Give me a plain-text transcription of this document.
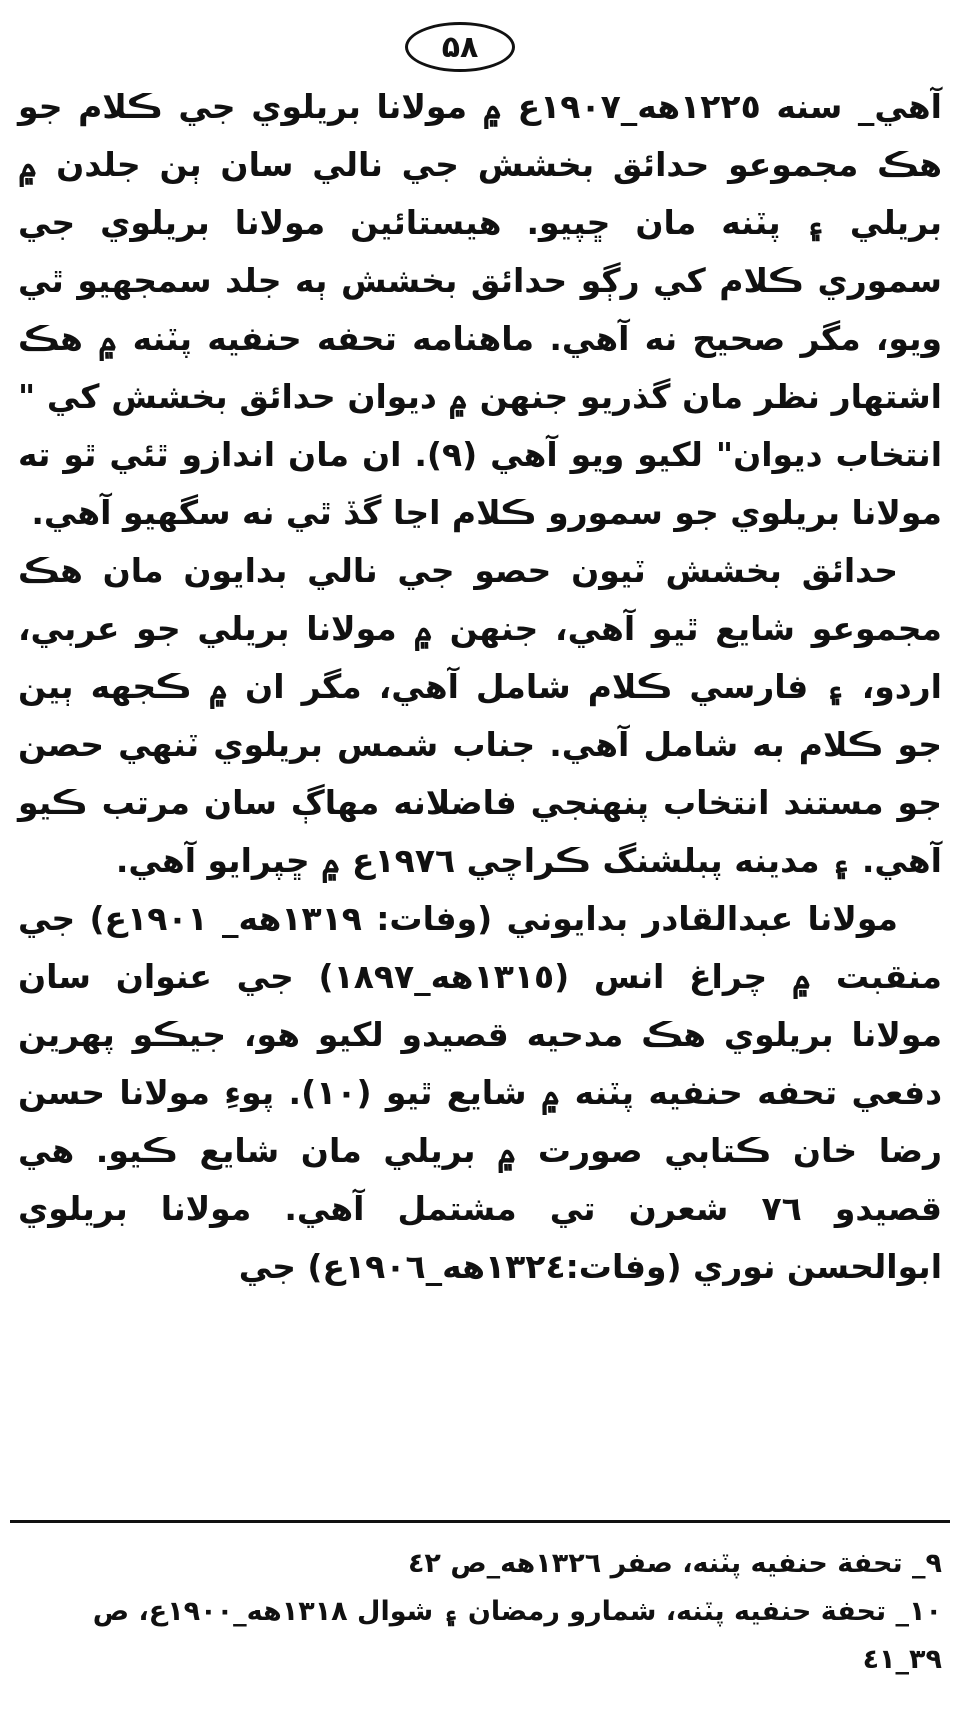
۵۸

آهي_ سنه ١٢٢٥هه_١٩٠٧ع ۾ مولانا بريلوي جي ڪلام جو هڪ مجموعو حدائق بخشش جي نالي سان ٻن جلدن ۾ بريلي ۽ پٽنه مان ڇپيو. هيستائين مولانا بريلوي جي سموري ڪلام کي رڳو حدائق بخشش ٻه جلد سمجهيو ٿي ويو، مگر صحيح نه آهي. ماهنامه تحفه حنفيه پٽنه ۾ هڪ اشتهار نظر مان گذريو جنهن ۾ ديوان حدائق بخشش کي " انتخاب ديوان" لکيو ويو آهي (٩). ان مان اندازو ٿئي ٿو ته مولانا بريلوي جو سمورو ڪلام اڃا گڏ ٿي نه سگهيو آهي.

حدائق بخشش ٽيون حصو جي نالي بدايون مان هڪ مجموعو شايع ٿيو آهي، جنهن ۾ مولانا بريلي جو عربي، اردو، ۽ فارسي ڪلام شامل آهي، مگر ان ۾ ڪجهه ٻين جو ڪلام به شامل آهي. جناب شمس بريلوي ٽنهي حصن جو مستند انتخاب پنهنجي فاضلانه مهاڳ سان مرتب ڪيو آهي. ۽ مدينه پبلشنگ ڪراچي ١٩٧٦ع ۾ ڇپرايو آهي.

مولانا عبدالقادر بدايوني (وفات: ١٣١٩هه_ ١٩٠١ع) جي منقبت ۾ چراغ انس (١٣١٥هه_١٨٩٧) جي عنوان سان مولانا بريلوي هڪ مدحيه قصيدو لکيو هو، جيڪو پهرين دفعي تحفه حنفيه پٽنه ۾ شايع ٿيو (١٠). پوءِ مولانا حسن رضا خان ڪتابي صورت ۾ بريلي مان شايع ڪيو. هي قصيدو ٧٦ شعرن تي مشتمل آهي. مولانا بريلوي ابوالحسن نوري (وفات:١٣٢٤هه_١٩٠٦ع) جي

٩_ تحفة حنفيه پٽنه، صفر ١٣٢٦هه_ص ٤٢

١٠_ تحفة حنفيه پٽنه، شمارو رمضان ۽ شوال ١٣١٨هه_١٩٠٠ع، ص ٣٩_٤١
